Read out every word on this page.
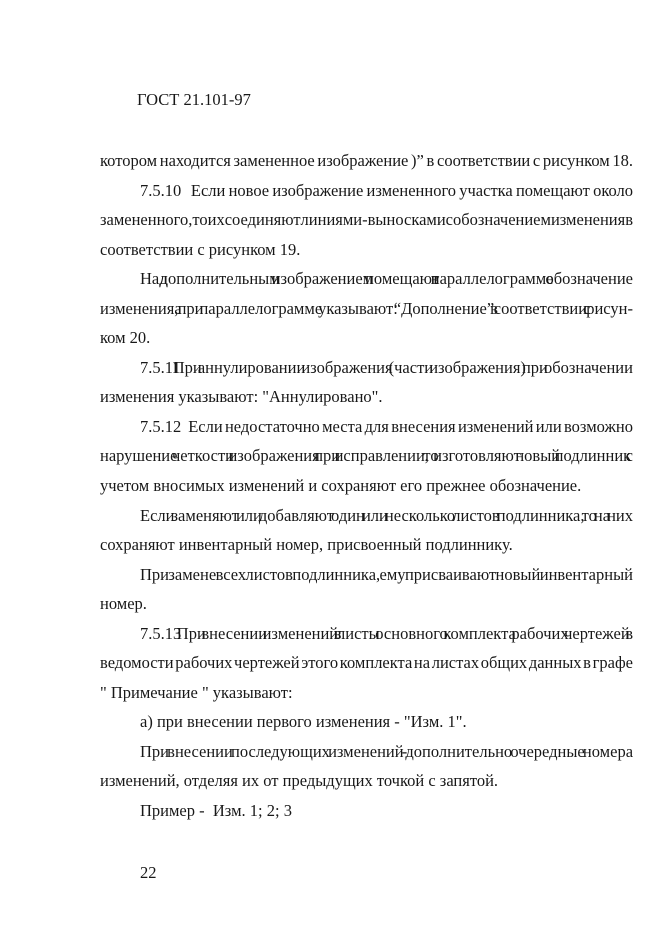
ГОСТ 21.101-97
котором находится замененное изображение )” в соответствии с рисунком 18.
7.5.10   Если новое изображение измененного участка помещают около
замененного, то их соединяют линиями-выносками с обозначением изменения в
соответствии с рисунком 19.
Над дополнительным изображением помещают в параллелограмме обозначение
изменения, а при параллелограмме указывают: “Дополнение” в соответствии с рисун-
ком 20.
7.5.11  При аннулировании изображения (части изображения) при обозначении
изменения указывают: "Аннулировано".
7.5.12   Если недостаточно места для внесения изменений или возможно
нарушение четкости изображения при исправлении, то изготовляют новый подлинник с
учетом вносимых изменений и сохраняют его прежнее обозначение.
Если заменяют или добавляют один или несколько листов подлинника, то на них
сохраняют инвентарный номер, присвоенный подлиннику.
При замене всех листов подлинника, ему присваивают новый инвентарный
номер.
7.5.13 При внесении изменений в листы основного комплекта рабочих чертежей в
ведомости рабочих чертежей этого комплекта на листах общих данных в графе
" Примечание " указывают:
а) при внесении первого изменения - "Изм. 1".
При внесении последующих изменений - дополнительно очередные номера
изменений, отделяя их от предыдущих точкой с запятой.
Пример -  Изм. 1; 2; 3
22
